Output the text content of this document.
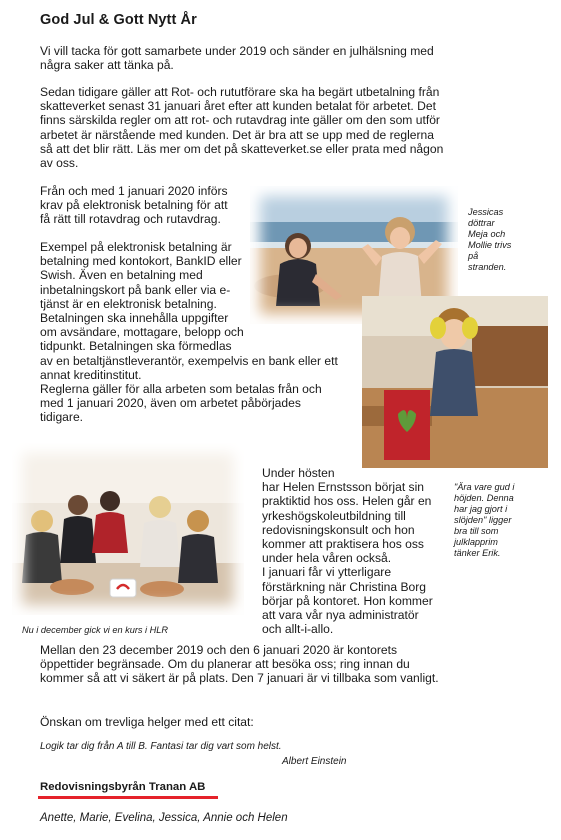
God Jul & Gott Nytt År

Vi vill tacka för gott samarbete under 2019 och sänder en julhälsning med några saker att tänka på.

Sedan tidigare gäller att Rot- och rututförare ska ha begärt utbetalning från skatteverket senast 31 januari året efter att kunden betalat för arbetet. Det finns särskilda regler om att rot- och rutavdrag inte gäller om den som utför arbetet är närstående med kunden. Det är bra att se upp med de reglerna så att det blir rätt. Läs mer om det på skatteverket.se eller prata med någon av oss.

Från och med 1 januari 2020 införs krav på elektronisk betalning för att få rätt till rotavdrag och rutavdrag.

Exempel på elektronisk betalning är
betalning med kontokort, BankID eller
Swish. Även en betalning med
inbetalningskort på bank eller via e-
tjänst är en elektronisk betalning.
Betalningen ska innehålla uppgifter
om avsändare, mottagare, belopp och
tidpunkt. Betalningen ska förmedlas
av en betaltjänstleverantör, exempelvis en bank eller ett
annat kreditinstitut.

Reglerna gäller för alla arbeten som betalas från och med 1 januari 2020, även om arbetet påbörjades tidigare.

Jessicas
döttrar
Meja och
Mollie trivs
på
stranden.
Under hösten
har Helen Ernstsson börjat sin
praktiktid hos oss. Helen går en
yrkeshögskoleutbildning till
redovisningskonsult och hon
kommer att praktisera hos oss
under hela våren också.
I januari får vi ytterligare
förstärkning när Christina Borg
börjar på kontoret. Hon kommer
att vara vår nya administratör
och allt-i-allo.
"Ära vare gud i
höjden. Denna
har jag gjort i
slöjden" ligger
bra till som
julklapprim
tänker Erik.

Nu i december gick vi en kurs i HLR

Mellan den 23 december 2019 och den 6 januari 2020 är kontorets öppettider begränsade. Om du planerar att besöka oss; ring innan du kommer så att vi säkert är på plats. Den 7 januari är vi tillbaka som vanligt.

Önskan om trevliga helger med ett citat:

Logik tar dig från A till B. Fantasi tar dig vart som helst.

Albert Einstein

Redovisningsbyrån Tranan AB

Anette, Marie, Evelina, Jessica, Annie och Helen
